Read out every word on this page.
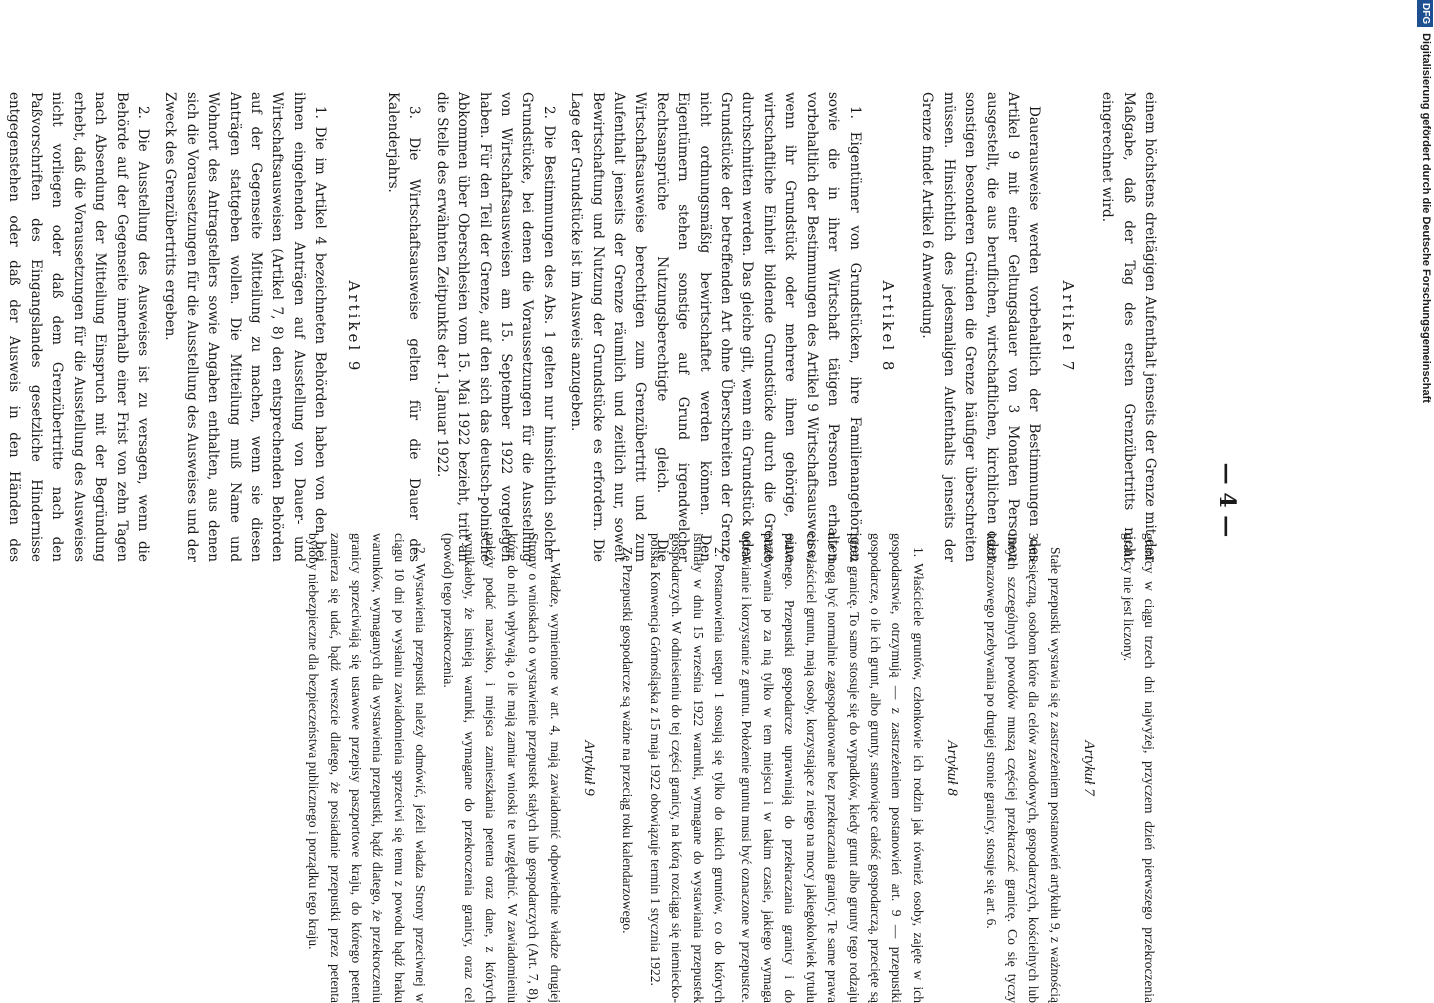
— 4 —

einem höchstens dreitägigen Aufenthalt jenseits der Grenze mit der Maßgabe, daß der Tag des ersten Grenzübertritts nicht eingerechnet wird.

Artikel 7

Dauerausweise werden vorbehaltlich der Bestimmungen des Artikel 9 mit einer Geltungsdauer von 3 Monaten Personen ausgestellt, die aus beruflichen, wirtschaftlichen, kirchlichen oder sonstigen besonderen Gründen die Grenze häufiger überschreiten müssen. Hinsichtlich des jedesmaligen Aufenthalts jenseits der Grenze findet Artikel 6 Anwendung.

Artikel 8

1. Eigentümer von Grundstücken, ihre Familienangehörigen sowie die in ihrer Wirtschaft tätigen Personen erhalten vorbehaltlich der Bestimmungen des Artikel 9 Wirtschaftsausweise, wenn ihr Grundstück oder mehrere ihnen gehörige, eine wirtschaftliche Einheit bildende Grundstücke durch die Grenze durchschnitten werden. Das gleiche gilt, wenn ein Grundstück oder Grundstücke der betreffenden Art ohne Überschreiten der Grenze nicht ordnungsmäßig bewirtschaftet werden können. Den Eigentümern stehen sonstige auf Grund irgendwelcher Rechtsansprüche Nutzungsberechtigte gleich. Die Wirtschaftsausweise berechtigen zum Grenzübertritt und zum Aufenthalt jenseits der Grenze räumlich und zeitlich nur, soweit Bewirtschaftung und Nutzung der Grundstücke es erfordern. Die Lage der Grundstücke ist im Ausweis anzugeben.

2. Die Bestimmungen des Abs. 1 gelten nur hinsichtlich solcher Grundstücke, bei denen die Voraussetzungen für die Ausstellung von Wirtschaftsausweisen am 15. September 1922 vorgelegen haben. Für den Teil der Grenze, auf den sich das deutsch-polnische Abkommen über Oberschlesien vom 15. Mai 1922 bezieht, tritt an die Stelle des erwähnten Zeitpunkts der 1. Januar 1922.

3. Die Wirtschaftsausweise gelten für die Dauer des Kalenderjahrs.

Artikel 9

1. Die im Artikel 4 bezeichneten Behörden haben von den bei ihnen eingehenden Anträgen auf Ausstellung von Dauer- und Wirtschaftsausweisen (Artikel 7, 8) den entsprechenden Behörden auf der Gegenseite Mitteilung zu machen, wenn sie diesen Anträgen stattgeben wollen. Die Mitteilung muß Name und Wohnort des Antragstellers sowie Angaben enthalten, aus denen sich die Voraussetzungen für die Ausstellung des Ausweises und der Zweck des Grenzübertritts ergeben.

2. Die Ausstellung des Ausweises ist zu versagen, wenn die Behörde auf der Gegenseite innerhalb einer Frist von zehn Tagen nach Absendung der Mitteilung Einspruch mit der Begründung erhebt, daß die Voraussetzungen für die Ausstellung des Ausweises nicht vorliegen oder daß dem Grenzübertritte nach den Paßvorschriften des Eingangslandes gesetzliche Hindernisse entgegenstehen oder daß der Ausweis in den Händen des	granicy w ciągu trzech dni najwyżej, przyczem dzień pierwszego przekroczenia granicy nie jest liczony.

Artykuł 7

Stałe przepustki wystawia się z zastrzeżeniem postanowień artykułu 9, z ważnością 3-miesięczną, osobom które dla celów zawodowych, gospodarczych, kościelnych lub innych szczególnych powodów muszą częściej przekraczać granicę. Co się tyczy każdorazowego przebywania po drugiej stronie granicy, stosuje się art. 6.

Artykuł 8

1. Właściciele gruntów, członkowie ich rodzin jak również osoby, zajęte w ich gospodarstwie, otrzymują — z zastrzeżeniem postanowień art. 9 — przepustki gospodarcze, o ile ich grunt, albo grunty, stanowiące całość gospodarczą, przecięte są przez granicę. To samo stosuje się do wypadków, kiedy grunt albo grunty tego rodzaju nie mogą być normalnie zagospodarowane bez przekraczania granicy. Te same prawa co właściciel gruntu, mają osoby, korzystające z niego na mocy jakiegokolwiek tytułu prawnego. Przepustki gospodarcze uprawniają do przekraczania granicy i do przebywania po za nią tylko w tem miejscu i w takim czasie, jakiego wymaga uprawianie i korzystanie z gruntu. Położenie gruntu musi być oznaczone w przepustce.

2. Postanowienia ustępu 1 stosują się tylko do takich gruntów, co do których istniały w dniu 15 września 1922 warunki, wymagane do wystawiania przepustek gospodarczych. W odniesieniu do tej części granicy, na którą rozciąga się niemiecko-polska Konwencja Górnośląska z 15 maja 1922 obowiązuje termin 1 stycznia 1922.

Zę Przepustki gospodarcze są ważne na przeciąg roku kalendarzowego.

Artykuł 9

1. Władze, wymienione w art. 4, mają zawiadomić odpowiednie władze drugiej Strony o wnioskach o wystawienie przepustek stałych lub gospodarczych (Art. 7, 8), które do nich wpływają, o ile mają zamiar wnioski te uwzględnić. W zawiadomieniu należy podać nazwisko, i miejsca zamieszkania petenta oraz dane, z których wynikałoby, że istnieją warunki, wymagane do przekroczenia granicy, oraz cel (powód) tego przekroczenia.

2. Wystawienia przepustki należy odmówić, jeżeli władza Strony przeciwnej w ciągu 10 dni po wysłaniu zawiadomienia sprzeciwi się temu z powodu bądź braku warunków, wymaganych dla wystawienia przepustki, bądź dlatego, że przekroczeniu granicy sprzeciwiają się ustawowe przepisy paszportowe kraju, do którego petent zamierza się udać, bądź wreszcie dlatego, że posiadanie przepustki przez petenta byłoby niebezpieczne dla bezpieczeństwa publicznego i porządku tego kraju.

DFGDigitalisierung gefördert durch die Deutsche Forschungsgemeinschaft
